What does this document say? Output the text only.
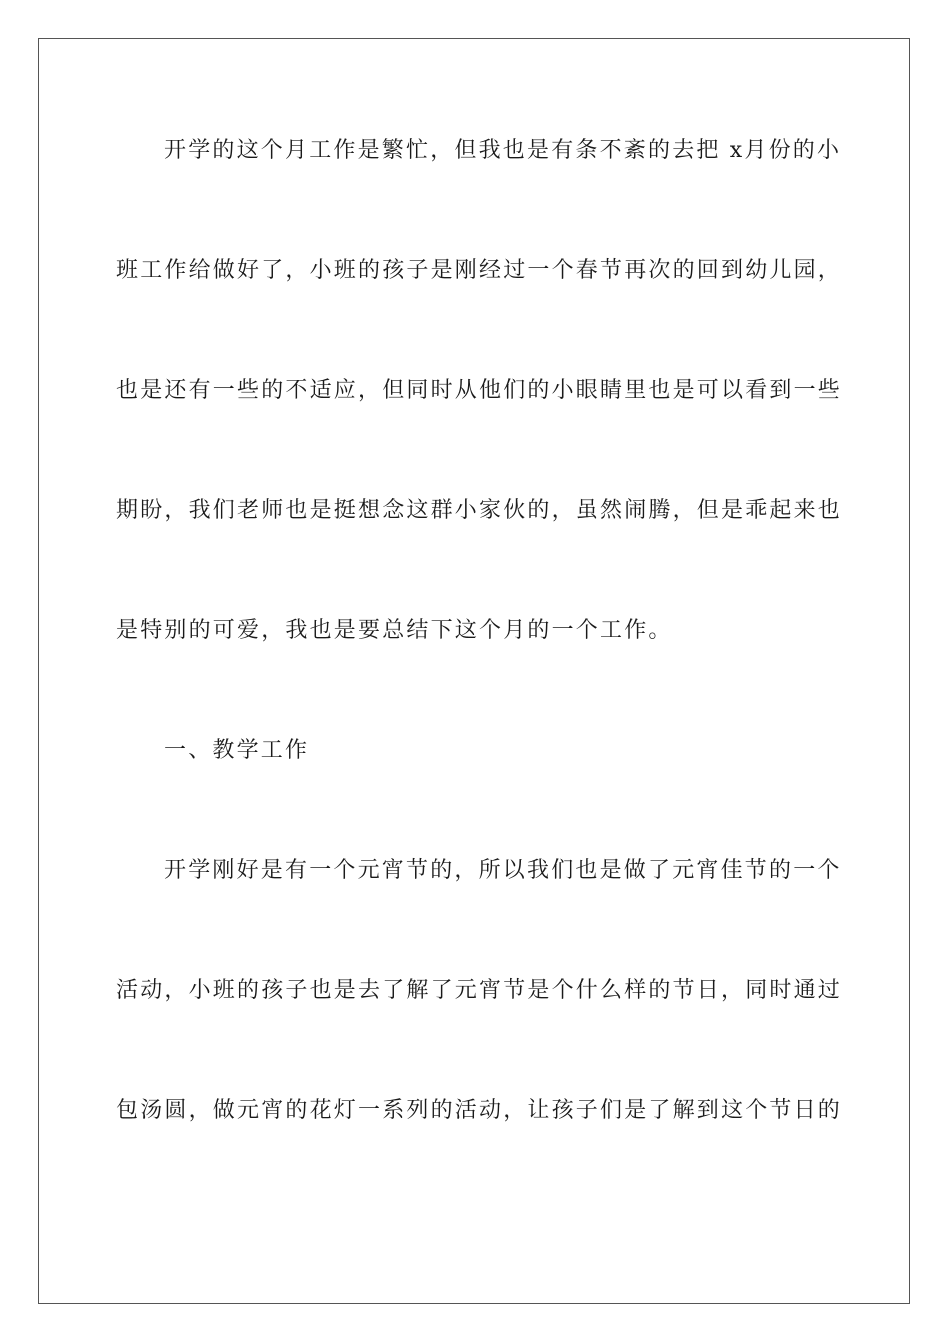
开学的这个月工作是繁忙，但我也是有条不紊的去把 x月份的小
班工作给做好了，小班的孩子是刚经过一个春节再次的回到幼儿园，
也是还有一些的不适应，但同时从他们的小眼睛里也是可以看到一些
期盼，我们老师也是挺想念这群小家伙的，虽然闹腾，但是乖起来也
是特别的可爱，我也是要总结下这个月的一个工作。
一、教学工作
开学刚好是有一个元宵节的，所以我们也是做了元宵佳节的一个
活动，小班的孩子也是去了解了元宵节是个什么样的节日，同时通过
包汤圆，做元宵的花灯一系列的活动，让孩子们是了解到这个节日的
